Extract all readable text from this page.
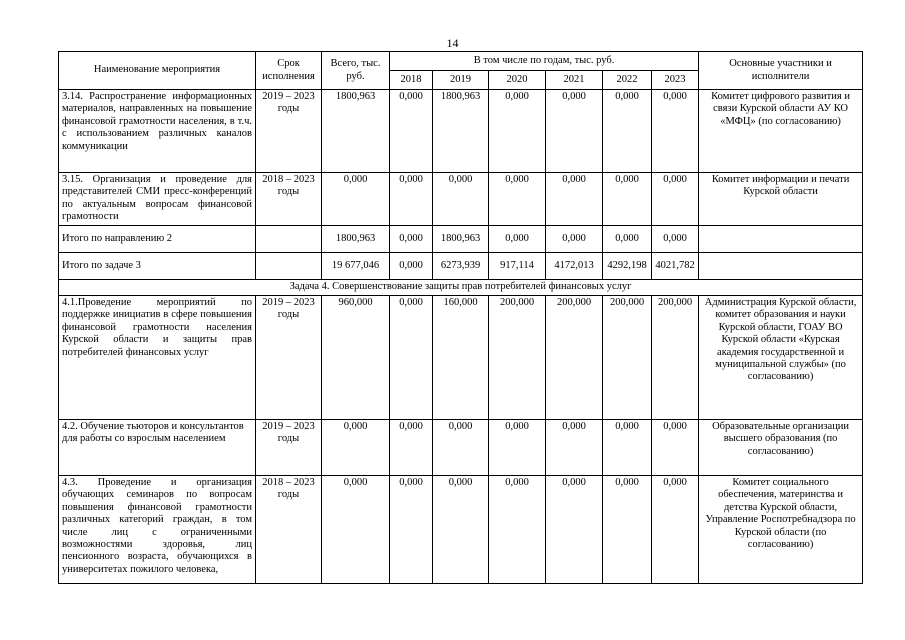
14
Наименование мероприятия	Срок исполнения	Всего, тыс. руб.	В том числе по годам, тыс. руб.						Основные участники и исполнители
			2018	2019	2020	2021	2022	2023	
3.14. Распространение информационных материалов, направленных на повышение финансовой грамотности населения, в т.ч. с использованием различных каналов коммуникации	2019 – 2023 годы	1800,963	0,000	1800,963	0,000	0,000	0,000	0,000	Комитет цифрового развития и связи Курской области АУ КО «МФЦ» (по согласованию)
3.15. Организация и проведение для представителей СМИ пресс-конференций по актуальным вопросам финансовой грамотности	2018 – 2023 годы	0,000	0,000	0,000	0,000	0,000	0,000	0,000	Комитет информации и печати Курской области
Итого по направлению 2		1800,963	0,000	1800,963	0,000	0,000	0,000	0,000	
Итого по задаче 3		19 677,046	0,000	6273,939	917,114	4172,013	4292,198	4021,782	
Задача 4. Совершенствование защиты прав потребителей финансовых услуг									
4.1.Проведение мероприятий по поддержке инициатив в сфере повышения финансовой грамотности населения Курской области и защиты прав потребителей финансовых услуг	2019 – 2023 годы	960,000	0,000	160,000	200,000	200,000	200,000	200,000	Администрация Курской области, комитет образования и науки Курской области, ГОАУ ВО Курской области «Курская академия государственной и муниципальной службы» (по согласованию)
4.2. Обучение тьюторов и консультантов для работы со взрослым населением	2019 – 2023 годы	0,000	0,000	0,000	0,000	0,000	0,000	0,000	Образовательные организации высшего образования (по согласованию)
4.3. Проведение и организация обучающих семинаров по вопросам повышения финансовой грамотности различных категорий граждан, в том числе лиц с ограниченными возможностями здоровья, лиц пенсионного возраста, обучающихся в университетах пожилого человека,	2018 – 2023 годы	0,000	0,000	0,000	0,000	0,000	0,000	0,000	Комитет социального обеспечения, материнства и детства Курской области, Управление Роспотребнадзора по Курской области (по согласованию)
